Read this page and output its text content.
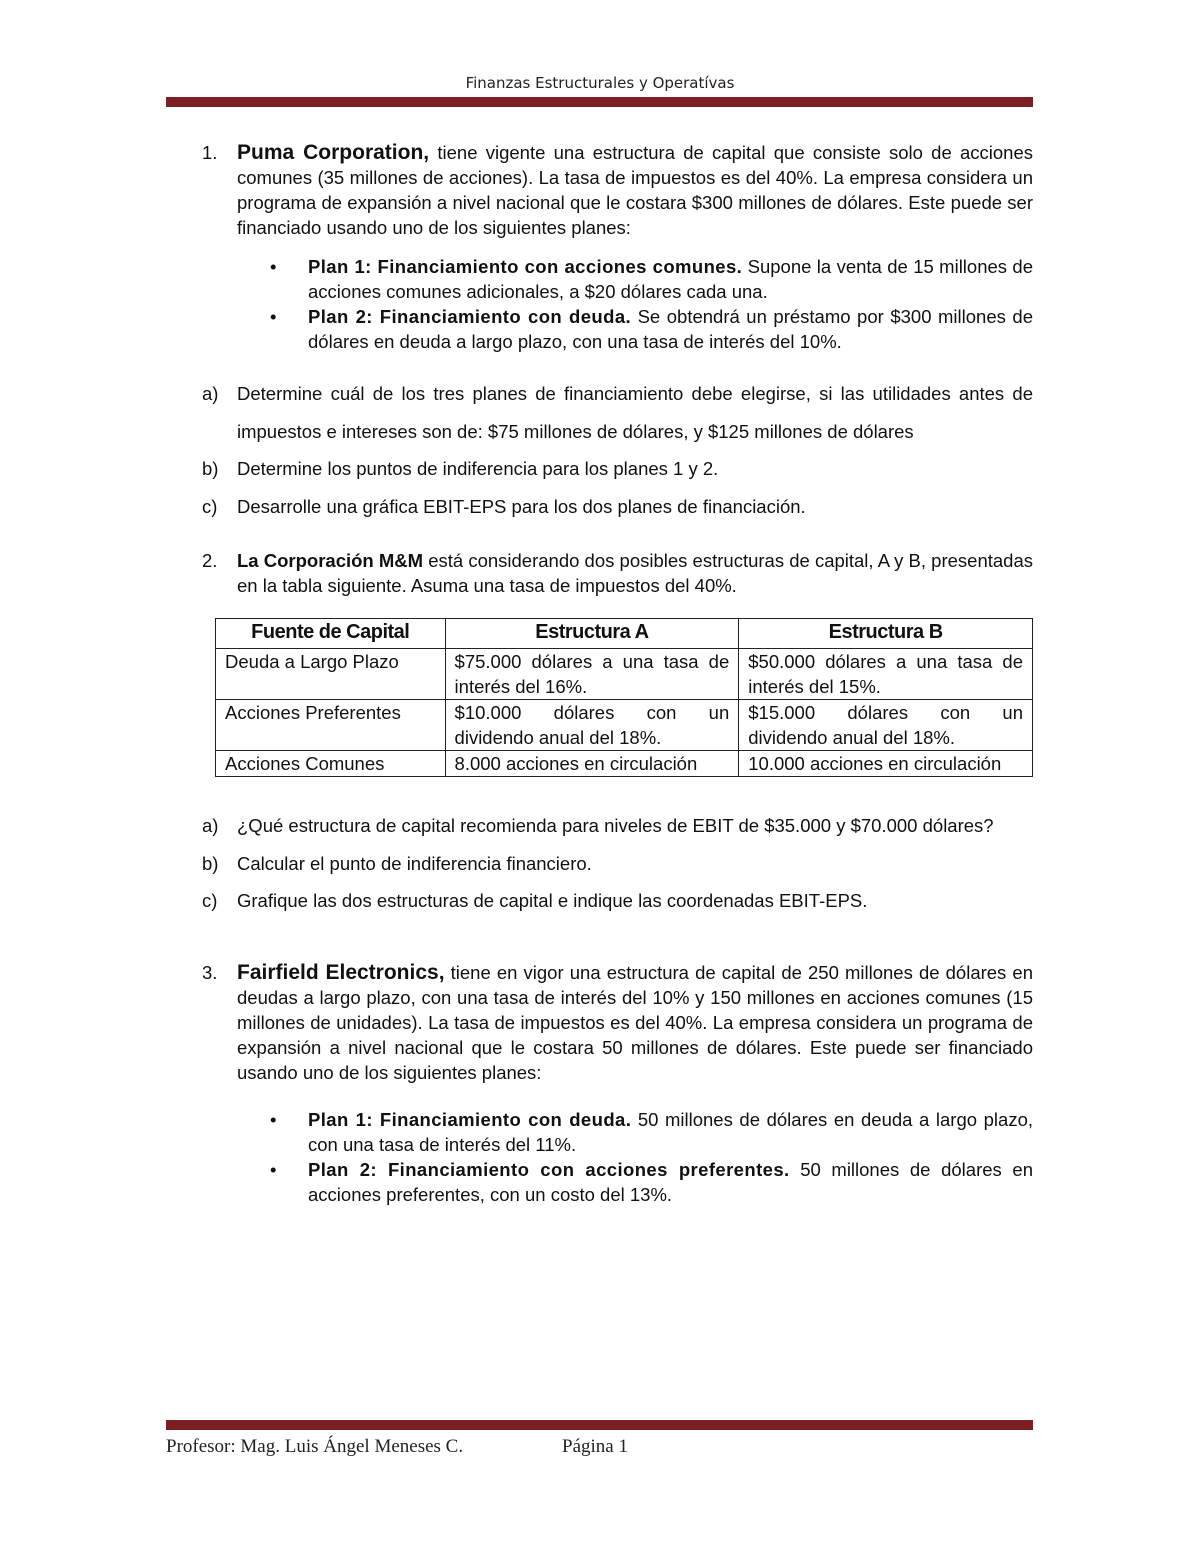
Finanzas Estructurales y Operatívas
1. Puma Corporation, tiene vigente una estructura de capital que consiste solo de acciones comunes (35 millones de acciones). La tasa de impuestos es del 40%. La empresa considera un programa de expansión a nivel nacional que le costara $300 millones de dólares. Este puede ser financiado usando uno de los siguientes planes:
• Plan 1: Financiamiento con acciones comunes. Supone la venta de 15 millones de acciones comunes adicionales, a $20 dólares cada una.
• Plan 2: Financiamiento con deuda. Se obtendrá un préstamo por $300 millones de dólares en deuda a largo plazo, con una tasa de interés del 10%.
a) Determine cuál de los tres planes de financiamiento debe elegirse, si las utilidades antes de impuestos e intereses son de: $75 millones de dólares, y $125 millones de dólares
b) Determine los puntos de indiferencia para los planes 1 y 2.
c) Desarrolle una gráfica EBIT-EPS para los dos planes de financiación.
2. La Corporación M&M está considerando dos posibles estructuras de capital, A y B, presentadas en la tabla siguiente. Asuma una tasa de impuestos del 40%.
Fuente de Capital	Estructura A	Estructura B
Deuda a Largo Plazo	$75.000 dólares a una tasa de interés del 16%.	$50.000 dólares a una tasa de interés del 15%.
Acciones Preferentes	$10.000 dólares con un dividendo anual del 18%.	$15.000 dólares con un dividendo anual del 18%.
Acciones Comunes	8.000 acciones en circulación	10.000 acciones en circulación
a) ¿Qué estructura de capital recomienda para niveles de EBIT de $35.000 y $70.000 dólares?
b) Calcular el punto de indiferencia financiero.
c) Grafique las dos estructuras de capital e indique las coordenadas EBIT-EPS.
3. Fairfield Electronics, tiene en vigor una estructura de capital de 250 millones de dólares en deudas a largo plazo, con una tasa de interés del 10% y 150 millones en acciones comunes (15 millones de unidades). La tasa de impuestos es del 40%. La empresa considera un programa de expansión a nivel nacional que le costara 50 millones de dólares. Este puede ser financiado usando uno de los siguientes planes:
• Plan 1: Financiamiento con deuda. 50 millones de dólares en deuda a largo plazo, con una tasa de interés del 11%.
• Plan 2: Financiamiento con acciones preferentes. 50 millones de dólares en acciones preferentes, con un costo del 13%.
Profesor: Mag. Luis Ángel Meneses C.	Página 1
